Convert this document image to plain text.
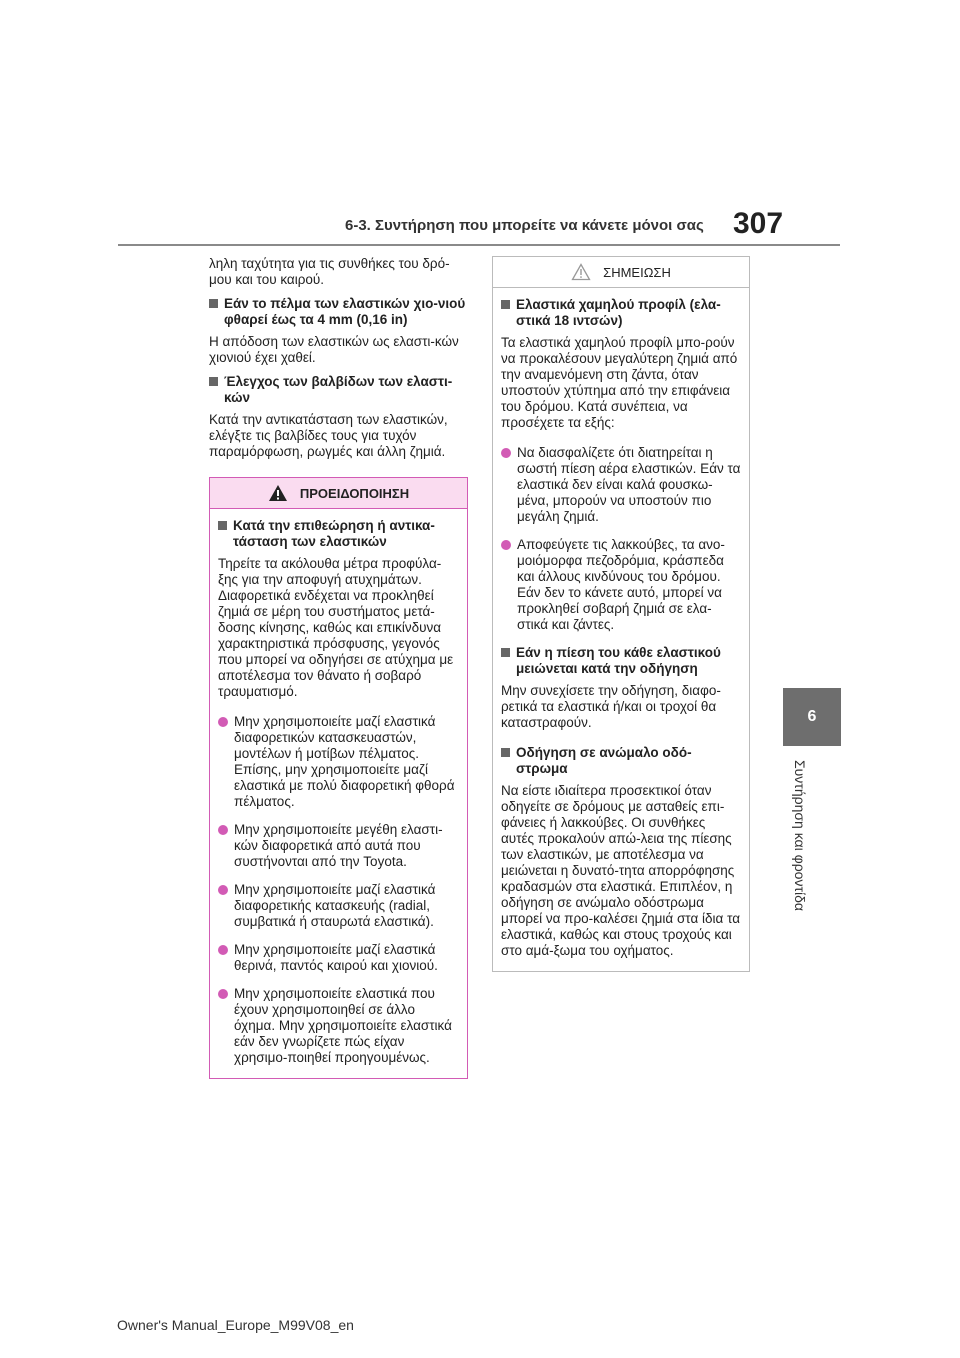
6-3. Συντήρηση που μπορείτε να κάνετε μόνοι σας 307
6
Συντήρηση και φροντίδα

ληλη ταχύτητα για τις συνθήκες του δρό-μου και του καιρού.

Εάν το πέλμα των ελαστικών χιο-νιού φθαρεί έως τα 4 mm (0,16 in)

Η απόδοση των ελαστικών ως ελαστι-κών χιονιού έχει χαθεί.

Έλεγχος των βαλβίδων των ελαστι-κών

Κατά την αντικατάσταση των ελαστικών, ελέγξτε τις βαλβίδες τους για τυχόν παραμόρφωση, ρωγμές και άλλη ζημιά.

ΠΡΟΕΙΔΟΠΟΙΗΣΗ
Κατά την επιθεώρηση ή αντικα-τάσταση των ελαστικών

Τηρείτε τα ακόλουθα μέτρα προφύλα-ξης για την αποφυγή ατυχημάτων. Διαφορετικά ενδέχεται να προκληθεί ζημιά σε μέρη του συστήματος μετά-δοσης κίνησης, καθώς και επικίνδυνα χαρακτηριστικά πρόσφυσης, γεγονός που μπορεί να οδηγήσει σε ατύχημα με αποτέλεσμα τον θάνατο ή σοβαρό τραυματισμό.

Μην χρησιμοποιείτε μαζί ελαστικά διαφορετικών κατασκευαστών, μοντέλων ή μοτίβων πέλματος. Επίσης, μην χρησιμοποιείτε μαζί ελαστικά με πολύ διαφορετική φθορά πέλματος.
Μην χρησιμοποιείτε μεγέθη ελαστι-κών διαφορετικά από αυτά που συστήνονται από την Toyota.
Μην χρησιμοποιείτε μαζί ελαστικά διαφορετικής κατασκευής (radial, συμβατικά ή σταυρωτά ελαστικά).
Μην χρησιμοποιείτε μαζί ελαστικά θερινά, παντός καιρού και χιονιού.
Μην χρησιμοποιείτε ελαστικά που έχουν χρησιμοποιηθεί σε άλλο όχημα. Μην χρησιμοποιείτε ελαστικά εάν δεν γνωρίζετε πώς είχαν χρησιμο-ποιηθεί προηγουμένως.
ΣΗΜΕΙΩΣΗ
Ελαστικά χαμηλού προφίλ (ελα-στικά 18 ιντσών)

Τα ελαστικά χαμηλού προφίλ μπο-ρούν να προκαλέσουν μεγαλύτερη ζημιά από την αναμενόμενη στη ζάντα, όταν υποστούν χτύπημα από την επιφάνεια του δρόμου. Κατά συνέπεια, να προσέχετε τα εξής:

Να διασφαλίζετε ότι διατηρείται η σωστή πίεση αέρα ελαστικών. Εάν τα ελαστικά δεν είναι καλά φουσκω-μένα, μπορούν να υποστούν πιο μεγάλη ζημιά.
Αποφεύγετε τις λακκούβες, τα ανο-μοιόμορφα πεζοδρόμια, κράσπεδα και άλλους κινδύνους του δρόμου. Εάν δεν το κάνετε αυτό, μπορεί να προκληθεί σοβαρή ζημιά σε ελα-στικά και ζάντες.
Εάν η πίεση του κάθε ελαστικού μειώνεται κατά την οδήγηση

Μην συνεχίσετε την οδήγηση, διαφο-ρετικά τα ελαστικά ή/και οι τροχοί θα καταστραφούν.

Οδήγηση σε ανώμαλο οδό-στρωμα

Να είστε ιδιαίτερα προσεκτικοί όταν οδηγείτε σε δρόμους με ασταθείς επι-φάνειες ή λακκούβες. Οι συνθήκες αυτές προκαλούν απώ-λεια της πίεσης των ελαστικών, με αποτέλεσμα να μειώνεται η δυνατό-τητα απορρόφησης κραδασμών στα ελαστικά. Επιπλέον, η οδήγηση σε ανώμαλο οδόστρωμα μπορεί να προ-καλέσει ζημιά στα ίδια τα ελαστικά, καθώς και στους τροχούς και στο αμά-ξωμα του οχήματος.

Owner's Manual_Europe_M99V08_en
